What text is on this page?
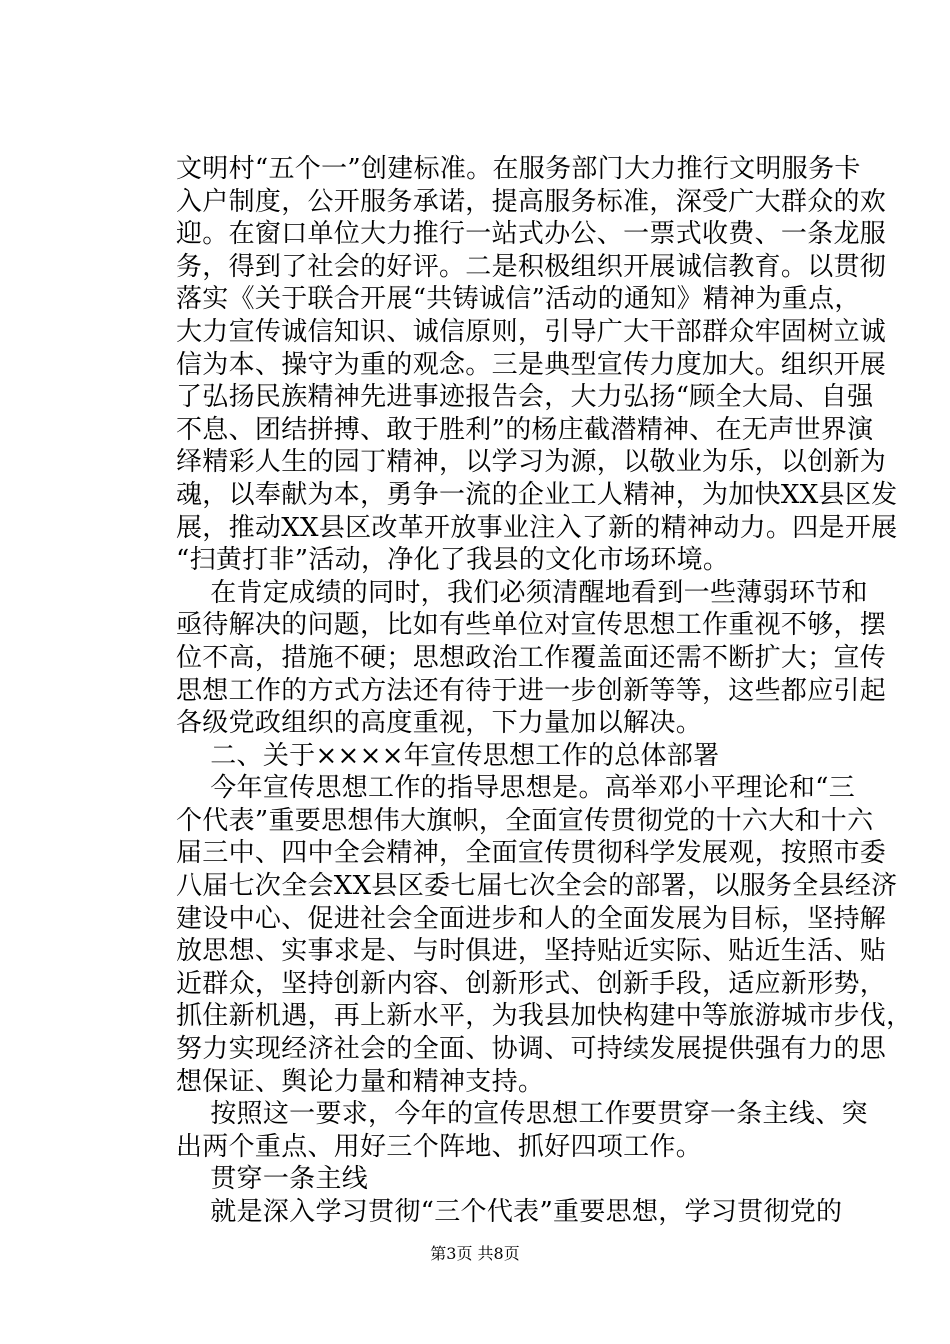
文明村“五个一”创建标准。在服务部门大力推行文明服务卡
入户制度，公开服务承诺，提高服务标准，深受广大群众的欢
迎。在窗口单位大力推行一站式办公、一票式收费、一条龙服
务，得到了社会的好评。二是积极组织开展诚信教育。以贯彻
落实《关于联合开展“共铸诚信”活动的通知》精神为重点，
大力宣传诚信知识、诚信原则，引导广大干部群众牢固树立诚
信为本、操守为重的观念。三是典型宣传力度加大。组织开展
了弘扬民族精神先进事迹报告会，大力弘扬“顾全大局、自强
不息、团结拼搏、敢于胜利”的杨庄截潜精神、在无声世界演
绎精彩人生的园丁精神，以学习为源，以敬业为乐，以创新为
魂，以奉献为本，勇争一流的企业工人精神，为加快XX县区发
展，推动XX县区改革开放事业注入了新的精神动力。四是开展
“扫黄打非”活动，净化了我县的文化市场环境。
在肯定成绩的同时，我们必须清醒地看到一些薄弱环节和
亟待解决的问题，比如有些单位对宣传思想工作重视不够，摆
位不高，措施不硬；思想政治工作覆盖面还需不断扩大；宣传
思想工作的方式方法还有待于进一步创新等等，这些都应引起
各级党政组织的高度重视，下力量加以解决。
二、关于××××年宣传思想工作的总体部署
今年宣传思想工作的指导思想是。高举邓小平理论和“三
个代表”重要思想伟大旗帜，全面宣传贯彻党的十六大和十六
届三中、四中全会精神，全面宣传贯彻科学发展观，按照市委
八届七次全会XX县区委七届七次全会的部署，以服务全县经济
建设中心、促进社会全面进步和人的全面发展为目标，坚持解
放思想、实事求是、与时俱进，坚持贴近实际、贴近生活、贴
近群众，坚持创新内容、创新形式、创新手段，适应新形势，
抓住新机遇，再上新水平，为我县加快构建中等旅游城市步伐，
努力实现经济社会的全面、协调、可持续发展提供强有力的思
想保证、舆论力量和精神支持。
按照这一要求，今年的宣传思想工作要贯穿一条主线、突
出两个重点、用好三个阵地、抓好四项工作。
贯穿一条主线
就是深入学习贯彻“三个代表”重要思想，学习贯彻党的
第3页 共8页
